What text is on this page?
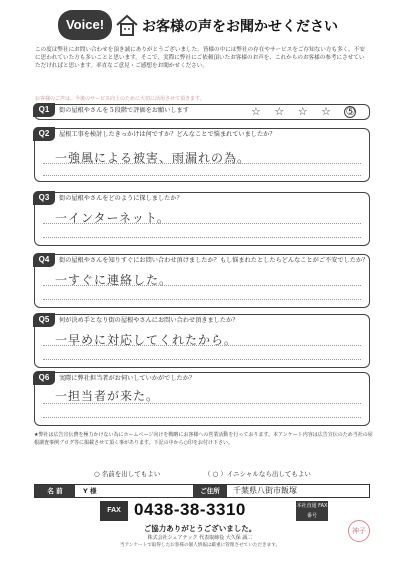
Voice!	お客様の声をお聞かせください
この度は弊社にお問い合わせを頂き誠にありがとうございました。皆様の中には弊社の存在やサービスをご存知ない方も多く、不安に思われていた方も多いことと思います。そこで、実際に弊社にご依頼頂いたお客様のお声を、これからのお客様の参考にさせていただければと思います。率直なご意見・ご感想をお聞かせください。
お客様のご声は、今後のサービス向上のために大切に活用させて頂きます。
Q1	街の屋根やさんを５段階で評価をお願いします	☆ ☆ ☆ ☆ ⑤
Q2	屋根工事を検討したきっかけは何ですか？どんなことで悩まれていましたか？
一強風による被害、雨漏れの為。
Q3	街の屋根やさんをどのように探しましたか？
一インターネット。
Q4	街の屋根やさんを知りすぐにお問い合わせ頂けましたか？もし悩まれたとしたらどんなことがご不安でしたか？
一すぐに連絡した。
Q5	何が決め手となり街の屋根やさんにお問い合わせ頂きましたか？
一早めに対応してくれたから。
Q6	実際に弊社担当者がお伺いしていかがでしたか？
一担当者が来た。
★弊社は広告宣伝費を極力かけない為にホームページ向けを戦略にお客様への営業活動を行っております。本アンケート内容は広告宣伝のため当社の屋根調査事例ブログ等に掲載させて頂く事があります。下記の中から○印をお付け下さい。
○ 名前を出してもよい	（ ○ ）イニシャルなら出してもよい
名 前	Y 様	ご住所	千葉県八街市飯塚
FAX 0438-38-3310	本社直通 FAX番号
ご協力ありがとうございました。
株式会社シェアテック 代表取締役 大久保 誠二
当アンケートで取得したお客様の個人情報は厳重に管理させていただきます。
神子
